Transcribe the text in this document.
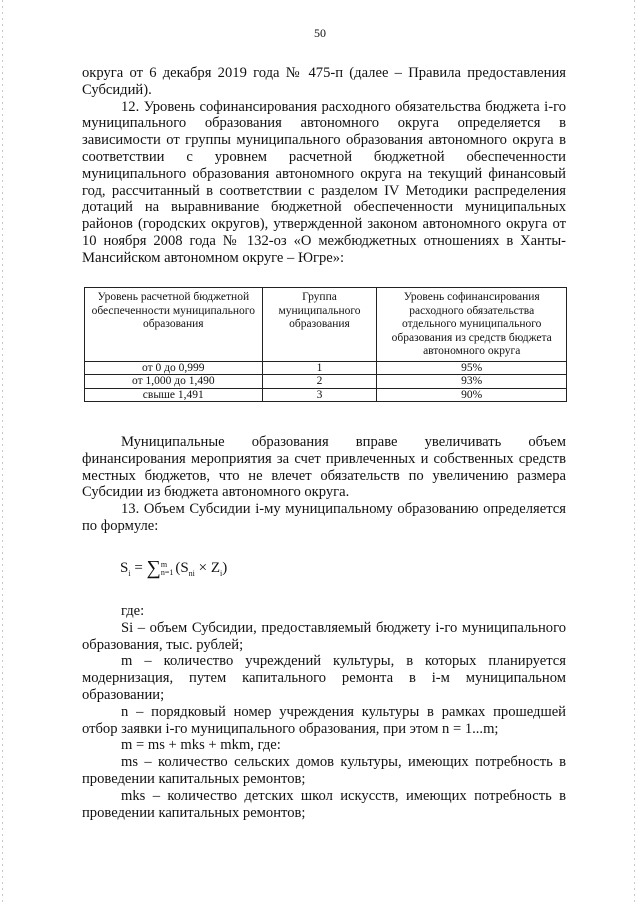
50

округа от 6 декабря 2019 года № 475-п (далее – Правила предоставления Субсидий).

12. Уровень софинансирования расходного обязательства бюджета i-го муниципального образования автономного округа определяется в зависимости от группы муниципального образования автономного округа в соответствии с уровнем расчетной бюджетной обеспеченности муниципального образования автономного округа на текущий финансовый год, рассчитанный в соответствии с разделом IV Методики распределения дотаций на выравнивание бюджетной обеспеченности муниципальных районов (городских округов), утвержденной законом автономного округа от 10 ноября 2008 года № 132-оз «О межбюджетных отношениях в Ханты-Мансийском автономном округе – Югре»:

Уровень расчетной бюджетной обеспеченности муниципального образования	Группа муниципального образования	Уровень софинансирования расходного обязательства отдельного муниципального образования из средств бюджета автономного округа
от 0 до 0,999	1	95%
от 1,000 до 1,490	2	93%
свыше 1,491	3	90%

Муниципальные образования вправе увеличивать объем финансирования мероприятия за счет привлеченных и собственных средств местных бюджетов, что не влечет обязательств по увеличению размера Субсидии из бюджета автономного округа.

13. Объем Субсидии i-му муниципальному образованию определяется по формуле:

$S_i = \sum m$
n=1 $(S_{ni} \times Z_i)$

где:

Si – объем Субсидии, предоставляемый бюджету i-го муниципального образования, тыс. рублей;

m – количество учреждений культуры, в которых планируется модернизация, путем капитального ремонта в i-м муниципальном образовании;

n – порядковый номер учреждения культуры в рамках прошедшей отбор заявки i-го муниципального образования, при этом n = 1...m;

m = ms + mks + mkm, где:

ms – количество сельских домов культуры, имеющих потребность в проведении капитальных ремонтов;

mks – количество детских школ искусств, имеющих потребность в проведении капитальных ремонтов;
